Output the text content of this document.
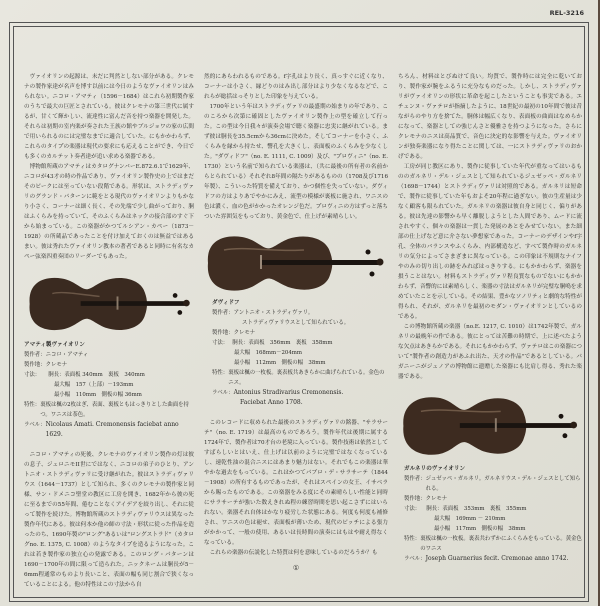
REL-3216

ヴァイオリンの起源は、未だに判然としない部分がある。クレモナの製作家達が名声を博す以前には今日のようなヴァイオリンはみられない。ニコロ・アマティ（1596－1684）はこれら初期製作家のうちで最大の巨匠とされている。彼はクレモナの第三世代に属するが、甘くて輝かしい、流達性に富んだ音を持つ楽器を開発した。それらは初期の室内楽が奏された王族の館やブルジョワの家の広間で用いられるのには完璧なまでに適合していた。にもかかわらず、これらのタイプの楽器は現代の要求にも応えることができ、今日でも多くのカルテット奏者達が追い求める楽器である。

博物館所蔵のアマティはカタログナンバーE.872.6.1で1629年、ニコロが43才の時の作品であり、ヴァイオリン製作史の上ではまだそのピークには至っていない段階である。形状は、ストラディヴァリのグランド・パターンに範をとる現代のヴァイオリンよりもかなり小さく、コーナーは細く長く、その先端で少し曲がっており、胴はふくらみを持っていて、そのふくらみはネックの接合部のすぐ下から始まっている。この楽器がかつてルシアン・カペー（1873－1928）の所蔵品であったことを付け加えておくのは無益ではあるまい。彼は秀れたヴァイオリン教本の著者であると同時に有名なカペー弦楽四重奏団のリーダーでもあった。

アマティ製ヴァイオリン
製作者： ニコロ・アマティ
製作地： クレモナ
寸法：	胴長：表面板 340mm　裏板　340mm
最大幅　157（上部）－193mm
最小幅　110mm　側板の幅 36mm
特性： 裏板は楓の2枚はぎ、表面、裏板ともはっきりとした曲面を持つ。ワニスは茶色。
ラベル： Nicolaus Amati. Cremonensis faciebat anno 1629.

ニコロ・アマティの死後、クレモナのヴァイオリン製作の灯は彼の息子、ジェロニモII世にではなく、ニコロの弟子のひとり、アントニオ・ストラディヴァリに受け継がれた。彼はストラディヴァリウス（1644－1737）として知られ、多くのクレモナの製作家と同様、サン・ドメニコ聖堂の教区に工房を開き、1682年から彼の死に至るまでの55年間、倦むことなくアイデアを絞り出し、それに従って製作を続けた。博物館所蔵のストラディヴァリウスは異なった製作年代にある。彼は何本か他の師の寸法・形状に従った作品を造ったのち、1690年製の"ロング"あるいは"ロングストラド"（カタログno. E. 1375, C. 1008）のようなタイプを造るようになった。これは若き製作家の独立心の発露である。このロング・パターンは1690－1700年の間に限って造られた。ニックネームは胴長が5－6mm程通常のものより長いこと、表面の幅も同じ割合で狭くなっていることによる。他の特性はこの寸法から自

然的にあらわれるものである。f字孔はより長く、真っすぐに近くなり、コーナーは小さく、縁どりのはみ出し部分はより少なくなるなどで、これらが総括はっそりとした印象を与えている。

1700年という年はストラディヴァリの最盛期の始まりの年であり、このころから次第に確固としたヴァイオリン製作上の型を確立して行った。この型は今日我々が演奏会場で聴く楽器に忠実に継がれている。まず彼は胴長を35.5cmから36cmに決めた。そしてコーナーを小さく、ふくらみを縁から持たせ、響孔を大きくし、表面板のふくらみを少なくした。"ダヴィドフ"（no. E. 1111, C. 1009）及び、"プロヴィニ"（no. E. 1730）という名前で知られている楽器は、（共に最後の所有者の名前からとられている）それぞれ8年間の隔たりがあるものの（1708及び1716年製）、こういった特質を備えており、かつ個性を失っていない。ダヴィドフの方はよりあでやかにみえ、流型の模様が裏板に施され、ワニスの色は濃く、血の色がかかったオレンジ色だ。プロヴィニの方はずっと落ちついた雰囲気をもっており、黄金色で、仕上げが素晴らしい。

ダヴィドフ
製作者： アントニオ・ストラディヴァリ。
ストラディヴァリウスとして知られている。
製作地： クレモナ
寸法： 胴長：表面板　356mm　裏板　358mm
最大幅　168mm－204mm
最小幅　112mm　側板の幅　38mm
特性： 裏板は楓の一枚板。裏表板共あきらかに曲げられている。金色のニス。
ラベル： Antonius Stradivarius Cremonensis.
Faciebat Anno 1708.

このレコードに収められた最後のストラディヴァリの銘器、"サラサーテ"（no. E. 1719）は最高のものであろう。製作年代は後期に属する1724年で、製作者は70才台の老境に入っている。製作技術は依然としてすばらしいとはいえ、仕上げは以前のように完璧ではなくなっているし、速乾性油の混合ニスにはあまり魅力はない。それでもこの楽器は華やかな過去をもっている。これはかつてパブロ・デ・サラサーテ（1844－1908）の所有するものであったが、それはスペインの女王、イサベラから賜ったものである。この楽器をみる度にその素晴らしい性能と同時にサラサーテが強いた数えきれぬ程の練習時間を思い起こさずにはいられない。楽器それ自体はかなり疲労した状態にある。何度も何度も補修され、ワニスの色は褪せ、表面板が薄いため、現代のピッチによる張力がかかって、一般の使用、あるいは長時間の演奏にはもはや耐え得なくなっている。

これらの楽器の伝説化した特質は何を意味しているのだろうか？も

①

ちろん、材料はとびぬけて良い。均質で、製作時には完全に乾いており、製作家が腕をふるうに充分なものだった。しかし、ストラディヴァリがヴァイオリンの形状に革命を起こしたということも事実である。エチェンヌ・ヴァテロが指摘したように、18世紀の最初の10年間で彼は昔ながらのやり方を捨てた。胴体は幅広くなり、表面板の曲面はなめらかになって、楽器としての強じんさと優雅さを持つようになった。さらにクレモナのニスは高品質で、音色に決定的な影響を与えた。ヴァイオリンが独奏楽器になり得たことに関しては、一にストラディヴァリのおかげである。

工房が同じ教区にあり、製作に従事していた年代が重なってはいるもののガルネリ・デル・ジェスとして知られているジュゼッペ・ガルネリ（1698－1744）とストラディヴァリは対照的である。ガルネリは短命で、製作に従事していた年もおよそ20年程に過ぎない。彼の生産量は少なく顧客も限られていた。ガルネリの楽器は彼自身と同じく、偏りがある。彼は先達の影響から早く離脱しようとした人間であり、ムードに流されやすく、個々の楽器は一貫した発展のあとをみせていない。また細部の仕上げなど意に介さない夢想家であった。コーナーのデザインやf字孔、全体のバランスやふくらみ、内部構造など、すべて製作時のガルネリの気分によってさまざまに異なっている。この印象は不規則なナイフやのみの切り出しの跡をみればはっきりする。にもかかわらず、楽器を損うことはない。材料もストラディヴァリ程良質なものでないにもかかわらず、音響的には素晴らしく、楽器の寸法はガルネリが完璧な胴鳴を求めていたことを示している。その結果、豊かなソノリティと劇的な特性が得られ、それが、ガルネリを最初のモダン・ヴァイオリンとしているのである。

この博物館所蔵の楽器（no.E. 1217, C. 1010）は1742年製で、ガルネリの最晩年の作である。彼にとっては苦難の時期で、上に述べたような欠点はあきらかである。それにもかかわらず、ヴァテロはこの楽器について"製作者の創造力があふれ出た、天才の作品"であるとしている。パガニーニがジェノアの博物館に遺贈した楽器にも比肩し得る、秀れた楽器である。

ガルネリのヴァイオリン
製作者： ジュゼッペ・ガルネリ。ガルネリウス・デル・ジェスとして知られる。
製作地： クレモナ
寸法：	胴長：表面板　353mm　裏板　355mm
最大幅　169mm － 210mm
最小幅　117mm　側板の幅　38mm
特性： 裏板は楓の一枚板。裏表共わずかにふくらみをもっている。黄金色のワニス
ラベル： Joseph Guarnerius fecit. Cremonae anno 1742.
